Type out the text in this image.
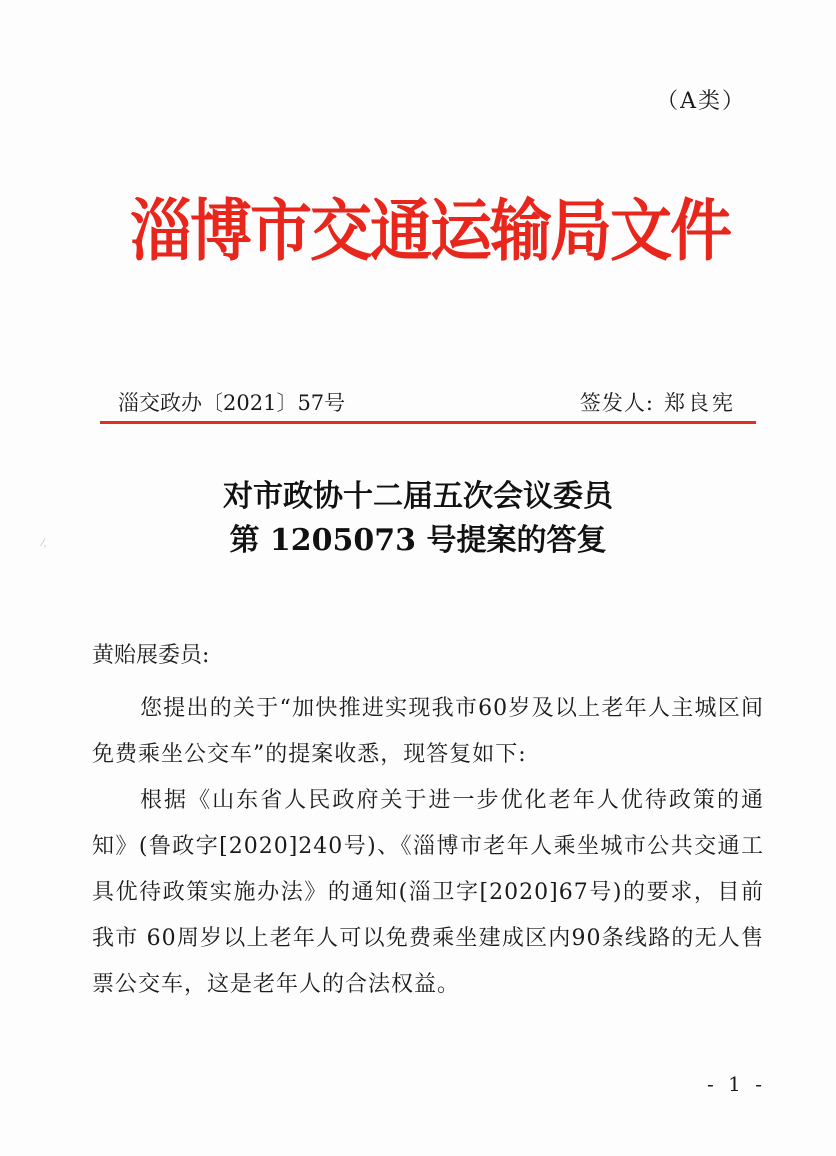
（A类）
淄博市交通运输局文件
淄交政办〔2021〕57号	签发人: 郑良宪
对市政协十二届五次会议委员
第 1205073 号提案的答复
⁄ˌ
黄贻展委员:

您提出的关于“加快推进实现我市60岁及以上老年人主城区间免费乘坐公交车”的提案收悉，现答复如下:

根据《山东省人民政府关于进一步优化老年人优待政策的通知》(鲁政字[2020]240号)、《淄博市老年人乘坐城市公共交通工具优待政策实施办法》的通知(淄卫字[2020]67号)的要求，目前我市 60周岁以上老年人可以免费乘坐建成区内90条线路的无人售票公交车，这是老年人的合法权益。

- 1 -
